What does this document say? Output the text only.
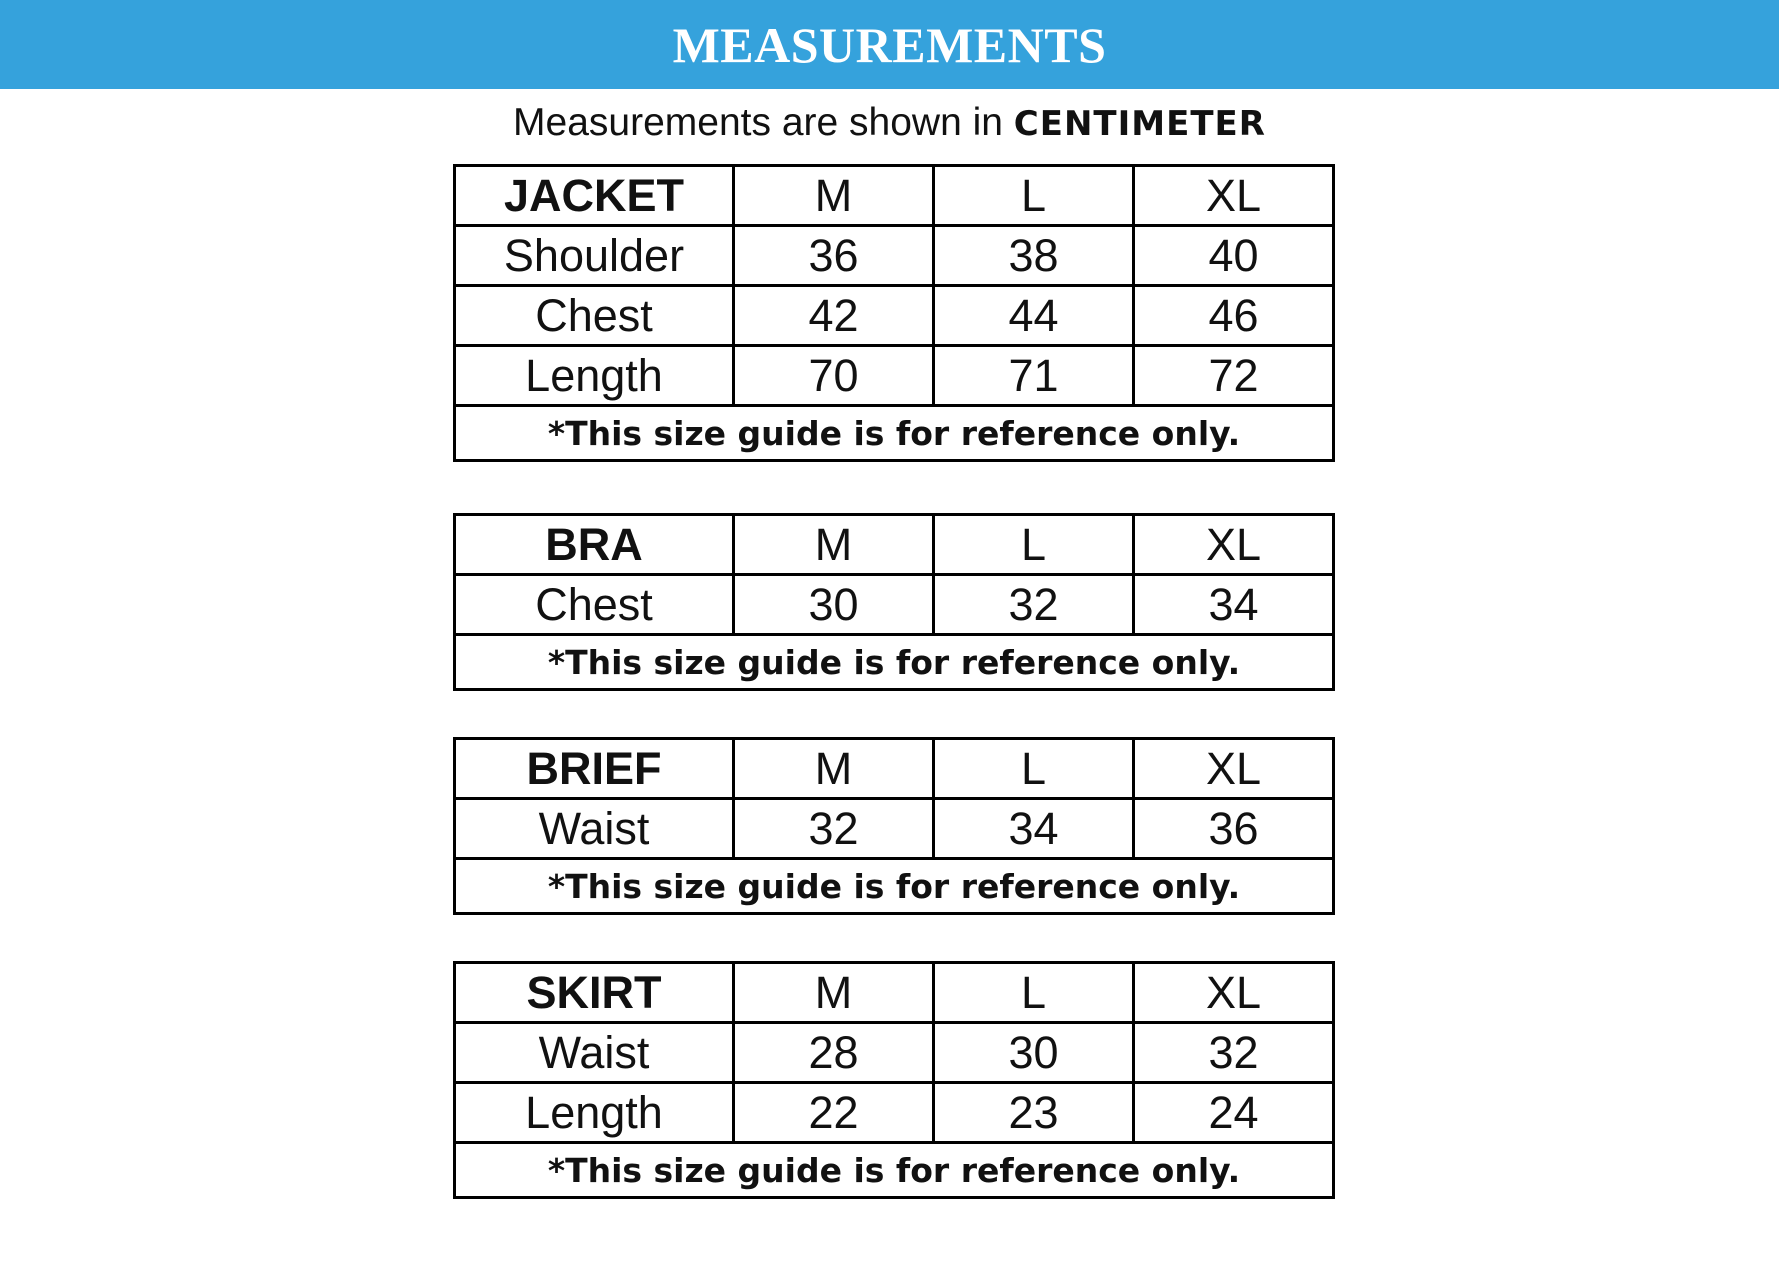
MEASUREMENTS
Measurements are shown in CENTIMETER
JACKET	M	L	XL
Shoulder	36	38	40
Chest	42	44	46
Length	70	71	72
*This size guide is for reference only.			
BRA	M	L	XL
Chest	30	32	34
*This size guide is for reference only.			
BRIEF	M	L	XL
Waist	32	34	36
*This size guide is for reference only.			
SKIRT	M	L	XL
Waist	28	30	32
Length	22	23	24
*This size guide is for reference only.			
